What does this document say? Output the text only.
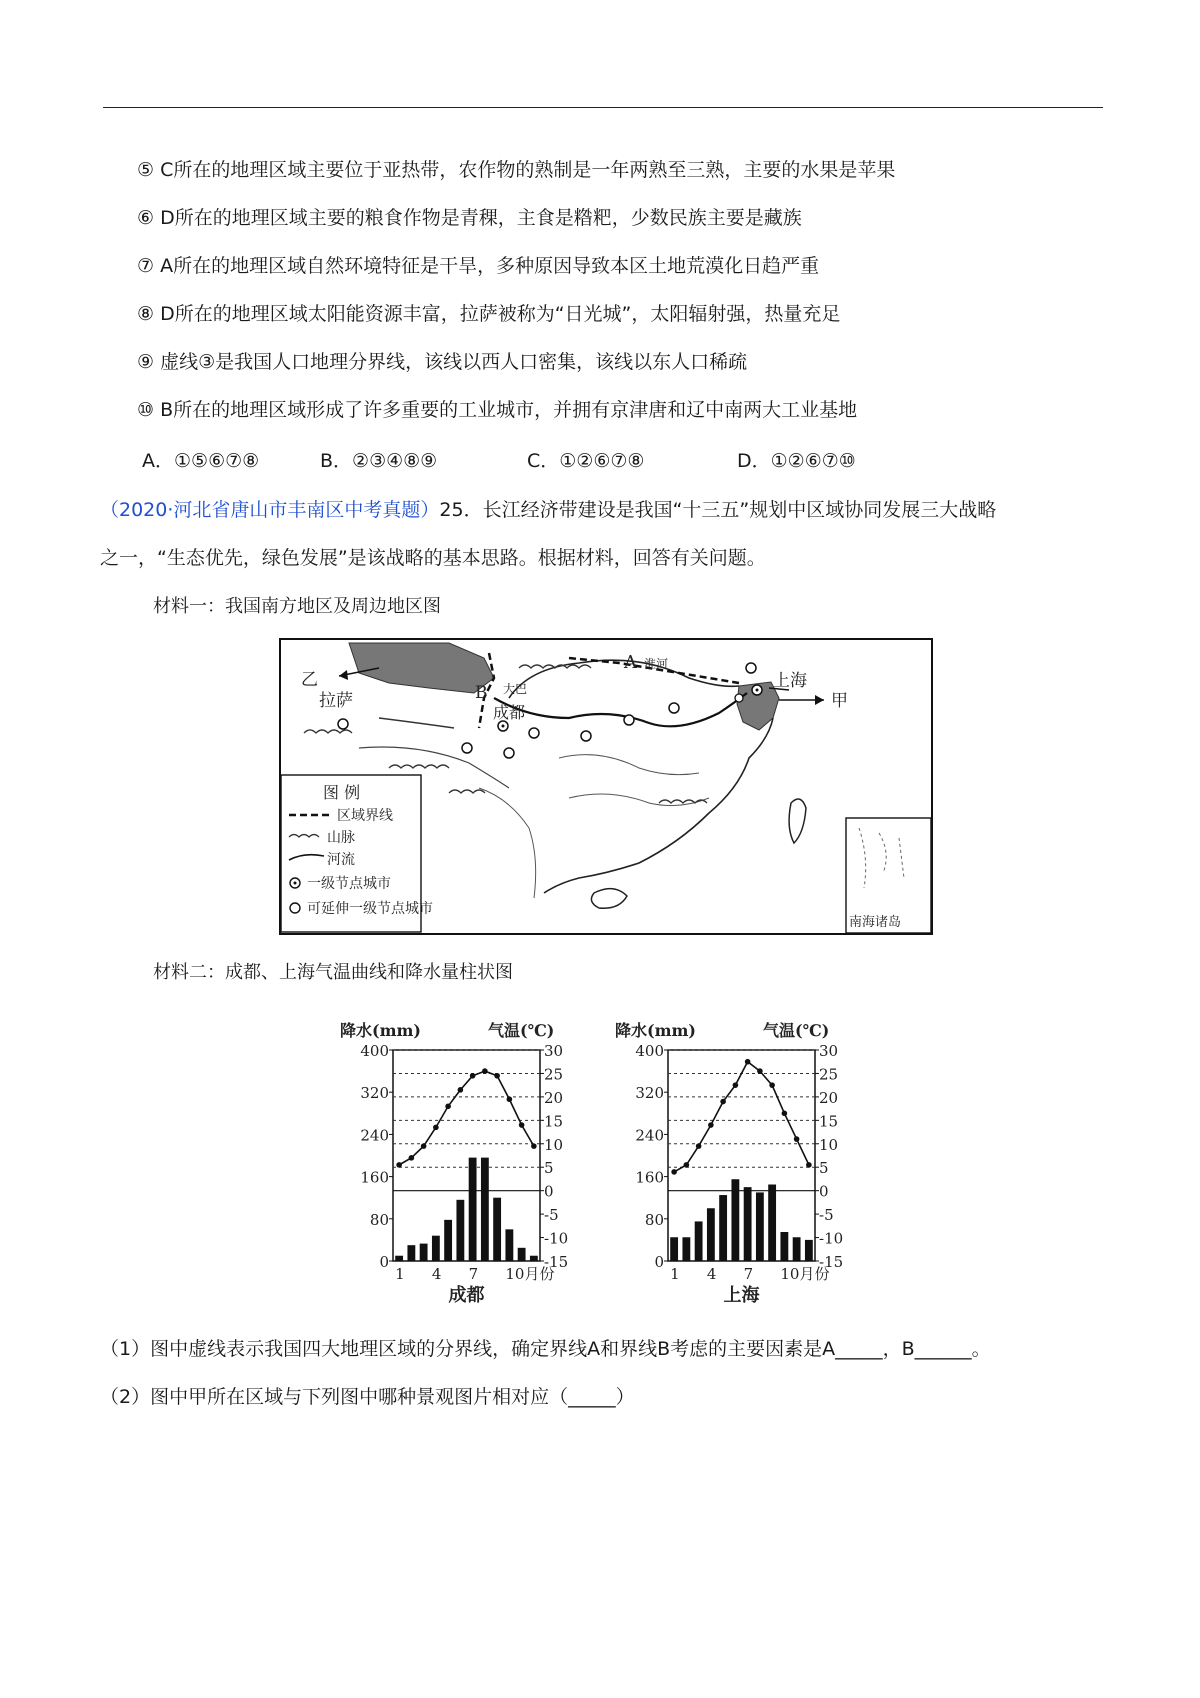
⑤ C所在的地理区域主要位于亚热带，农作物的熟制是一年两熟至三熟，主要的水果是苹果
⑥ D所在的地理区域主要的粮食作物是青稞，主食是糌粑，少数民族主要是藏族
⑦ A所在的地理区域自然环境特征是干旱，多种原因导致本区土地荒漠化日趋严重
⑧ D所在的地理区域太阳能资源丰富，拉萨被称为“日光城”，太阳辐射强，热量充足
⑨ 虚线③是我国人口地理分界线，该线以西人口密集，该线以东人口稀疏
⑩ B所在的地理区域形成了许多重要的工业城市，并拥有京津唐和辽中南两大工业基地
A．①⑤⑥⑦⑧	B．②③④⑧⑨	C．①②⑥⑦⑧	D．①②⑥⑦⑩
（2020·河北省唐山市丰南区中考真题）25．长江经济带建设是我国“十三五”规划中区域协同发展三大战略
之一，“生态优先，绿色发展”是该战略的基本思路。根据材料，回答有关问题。
材料一：我国南方地区及周边地区图
乙
拉萨	B 大巴
成都
A 淮河
上海
甲
图 例
区域界线
山脉
河流
一级节点城市
可延伸一级节点城市
南海诸岛
材料二：成都、上海气温曲线和降水量柱状图
降水(mm)	气温(℃)
400
320
240
160
80
0
30
25
20
15
10
5
0
-5
-10
-15
1 4 7 10月份
成都
降水(mm)	气温(℃)
400
320
240
160
80
0
30
25
20
15
10
5
0
-5
-10
-15
1 4 7 10月份
上海
（1）图中虚线表示我国四大地理区域的分界线，确定界线A和界线B考虑的主要因素是A_____，B______。
（2）图中甲所在区域与下列图中哪种景观图片相对应（_____）
